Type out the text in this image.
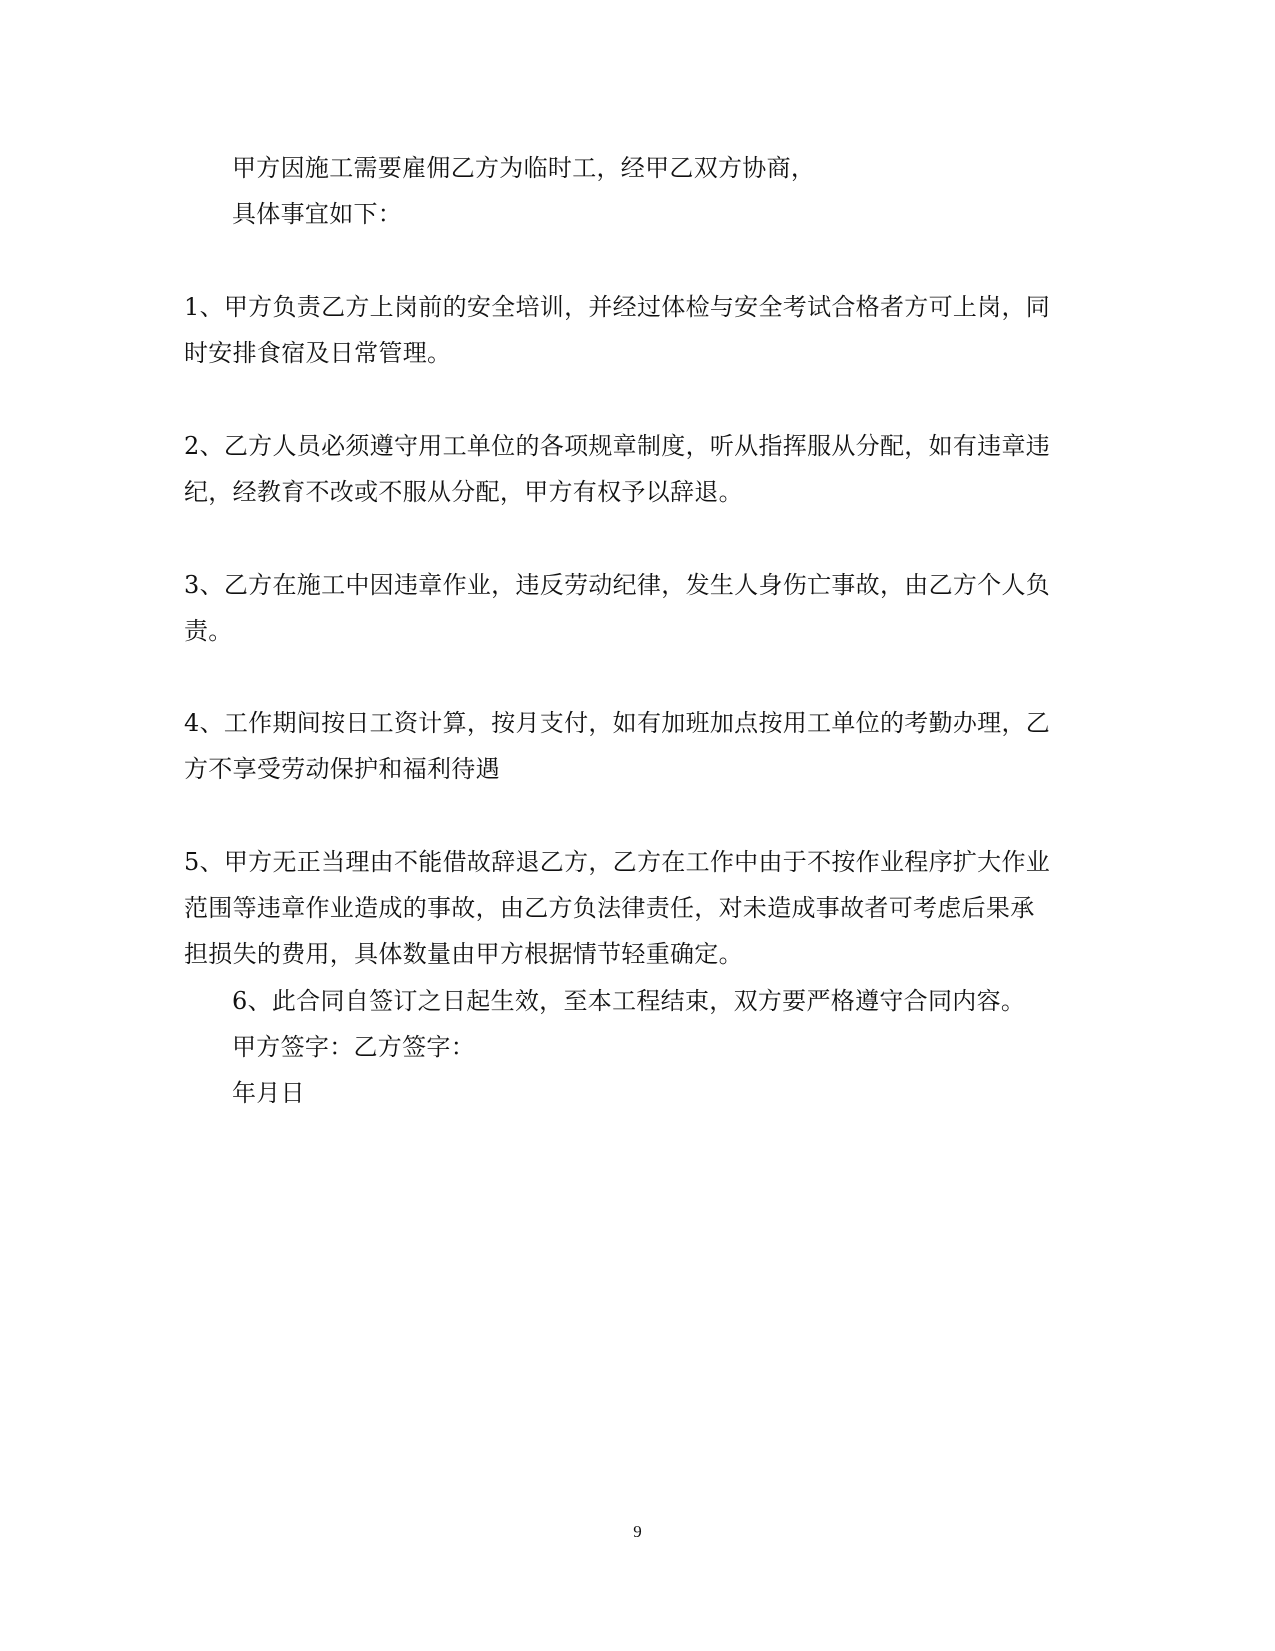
甲方因施工需要雇佣乙方为临时工，经甲乙双方协商，
具体事宜如下：
1、甲方负责乙方上岗前的安全培训，并经过体检与安全考试合格者方可上岗，同
时安排食宿及日常管理。
2、乙方人员必须遵守用工单位的各项规章制度，听从指挥服从分配，如有违章违
纪，经教育不改或不服从分配，甲方有权予以辞退。
3、乙方在施工中因违章作业，违反劳动纪律，发生人身伤亡事故，由乙方个人负
责。
4、工作期间按日工资计算，按月支付，如有加班加点按用工单位的考勤办理，乙
方不享受劳动保护和福利待遇
5、甲方无正当理由不能借故辞退乙方，乙方在工作中由于不按作业程序扩大作业
范围等违章作业造成的事故，由乙方负法律责任，对未造成事故者可考虑后果承
担损失的费用，具体数量由甲方根据情节轻重确定。
6、此合同自签订之日起生效，至本工程结束，双方要严格遵守合同内容。
甲方签字：乙方签字：
年月日
9
